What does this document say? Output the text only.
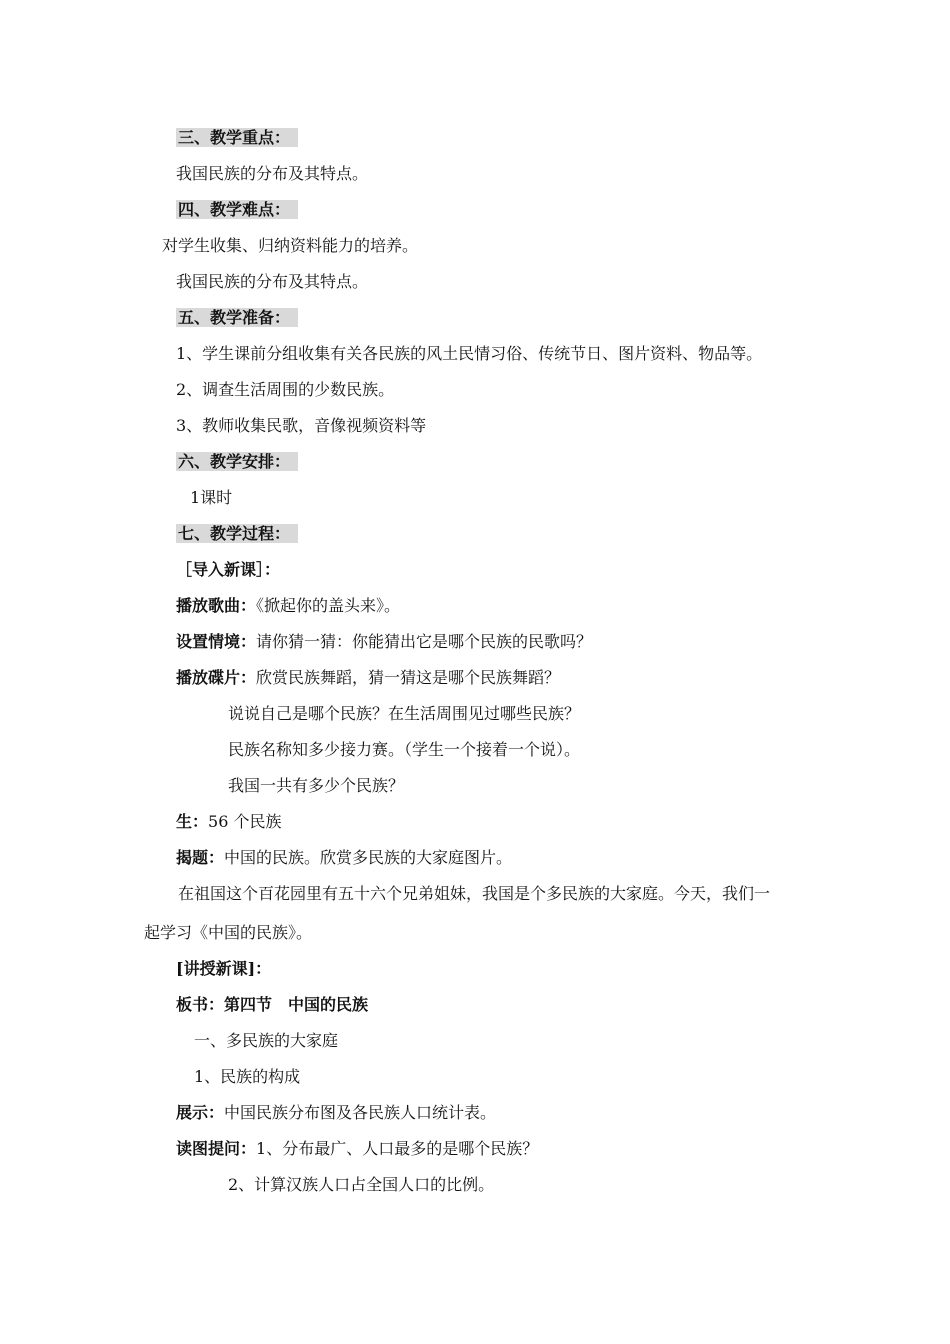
三、教学重点：
我国民族的分布及其特点。
四、教学难点：
对学生收集、归纳资料能力的培养。
我国民族的分布及其特点。
五、教学准备：
1、学生课前分组收集有关各民族的风土民情习俗、传统节日、图片资料、物品等。
2、调查生活周围的少数民族。
3、教师收集民歌，音像视频资料等
六、教学安排：
1课时
七、教学过程：
［导入新课］：
播放歌曲：《掀起你的盖头来》。
设置情境：请你猜一猜：你能猜出它是哪个民族的民歌吗？
播放碟片：欣赏民族舞蹈，猜一猜这是哪个民族舞蹈？
说说自己是哪个民族？在生活周围见过哪些民族？
民族名称知多少接力赛。（学生一个接着一个说）。
我国一共有多少个民族？
生：56 个民族
揭题：中国的民族。欣赏多民族的大家庭图片。
在祖国这个百花园里有五十六个兄弟姐妹，我国是个多民族的大家庭。今天，我们一
起学习《中国的民族》。
[讲授新课]：
板书：第四节　中国的民族
一、多民族的大家庭
1、民族的构成
展示：中国民族分布图及各民族人口统计表。
读图提问：1、分布最广、人口最多的是哪个民族？
2、计算汉族人口占全国人口的比例。
